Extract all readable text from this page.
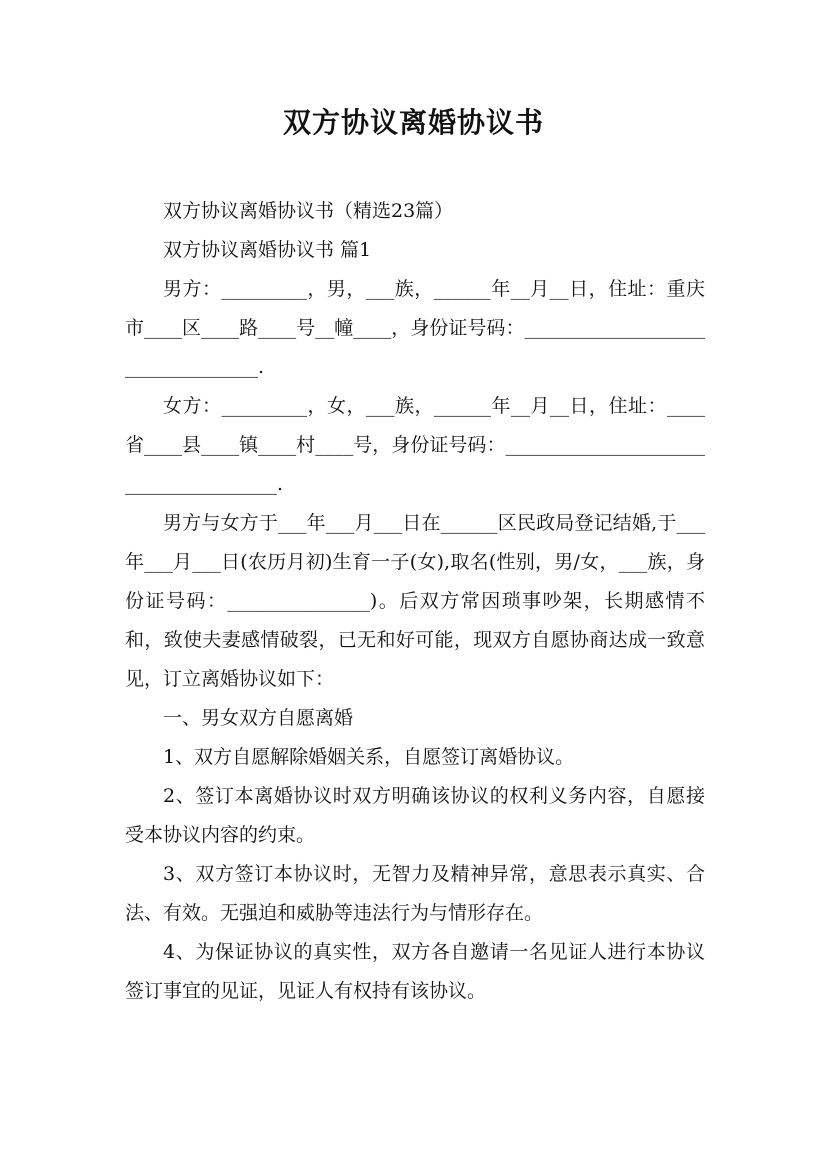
双方协议离婚协议书

双方协议离婚协议书（精选23篇）

双方协议离婚协议书 篇1

男方：_________，男，___族，______年__月__日，住址：重庆市____区____路____号__幢____，身份证号码：_________________________________.

女方：_________，女，___族，______年__月__日，住址：____省____县____镇____村____号，身份证号码：_____________________________________.

男方与女方于___年___月___日在______区民政局登记结婚,于___年___月___日(农历月初)生育一子(女),取名(性别，男/女，___族，身份证号码：_______________)。后双方常因琐事吵架，长期感情不和，致使夫妻感情破裂，已无和好可能，现双方自愿协商达成一致意见，订立离婚协议如下：

一、男女双方自愿离婚

1、双方自愿解除婚姻关系，自愿签订离婚协议。

2、签订本离婚协议时双方明确该协议的权利义务内容，自愿接受本协议内容的约束。

3、双方签订本协议时，无智力及精神异常，意思表示真实、合法、有效。无强迫和威胁等违法行为与情形存在。

4、为保证协议的真实性，双方各自邀请一名见证人进行本协议签订事宜的见证，见证人有权持有该协议。
